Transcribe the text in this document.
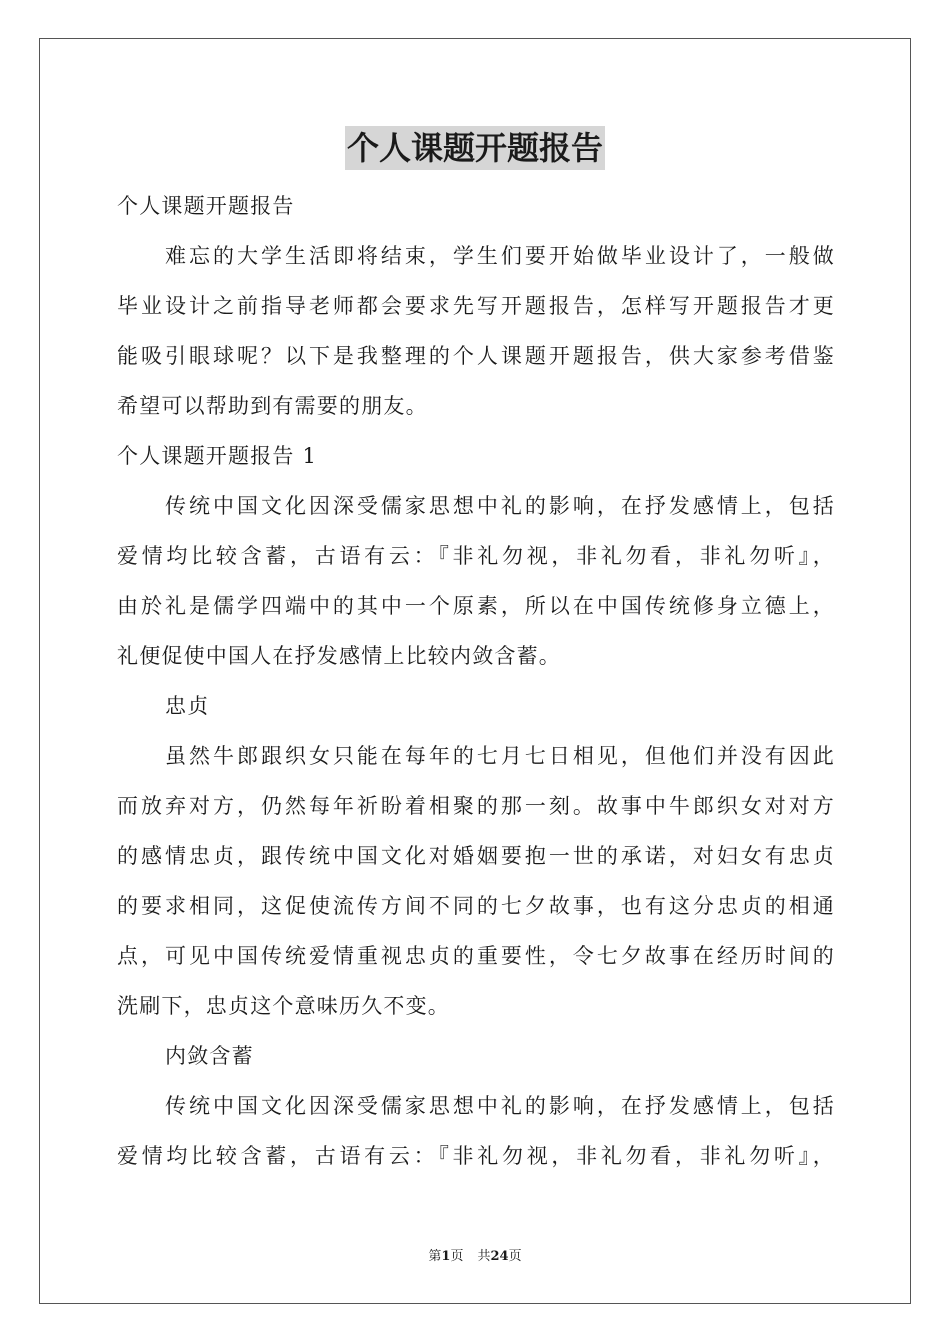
个人课题开题报告
个人课题开题报告
难忘的大学生活即将结束，学生们要开始做毕业设计了，一般做
毕业设计之前指导老师都会要求先写开题报告，怎样写开题报告才更
能吸引眼球呢？以下是我整理的个人课题开题报告，供大家参考借鉴
希望可以帮助到有需要的朋友。
个人课题开题报告 1
传统中国文化因深受儒家思想中礼的影响，在抒发感情上，包括
爱情均比较含蓄，古语有云：『非礼勿视，非礼勿看，非礼勿听』，
由於礼是儒学四端中的其中一个原素，所以在中国传统修身立德上，
礼便促使中国人在抒发感情上比较内敛含蓄。
忠贞
虽然牛郎跟织女只能在每年的七月七日相见，但他们并没有因此
而放弃对方，仍然每年祈盼着相聚的那一刻。故事中牛郎织女对对方
的感情忠贞，跟传统中国文化对婚姻要抱一世的承诺，对妇女有忠贞
的要求相同，这促使流传方间不同的七夕故事，也有这分忠贞的相通
点，可见中国传统爱情重视忠贞的重要性，令七夕故事在经历时间的
洗刷下，忠贞这个意味历久不变。
内敛含蓄
传统中国文化因深受儒家思想中礼的影响，在抒发感情上，包括
爱情均比较含蓄，古语有云：『非礼勿视，非礼勿看，非礼勿听』，
第1页 共24页
